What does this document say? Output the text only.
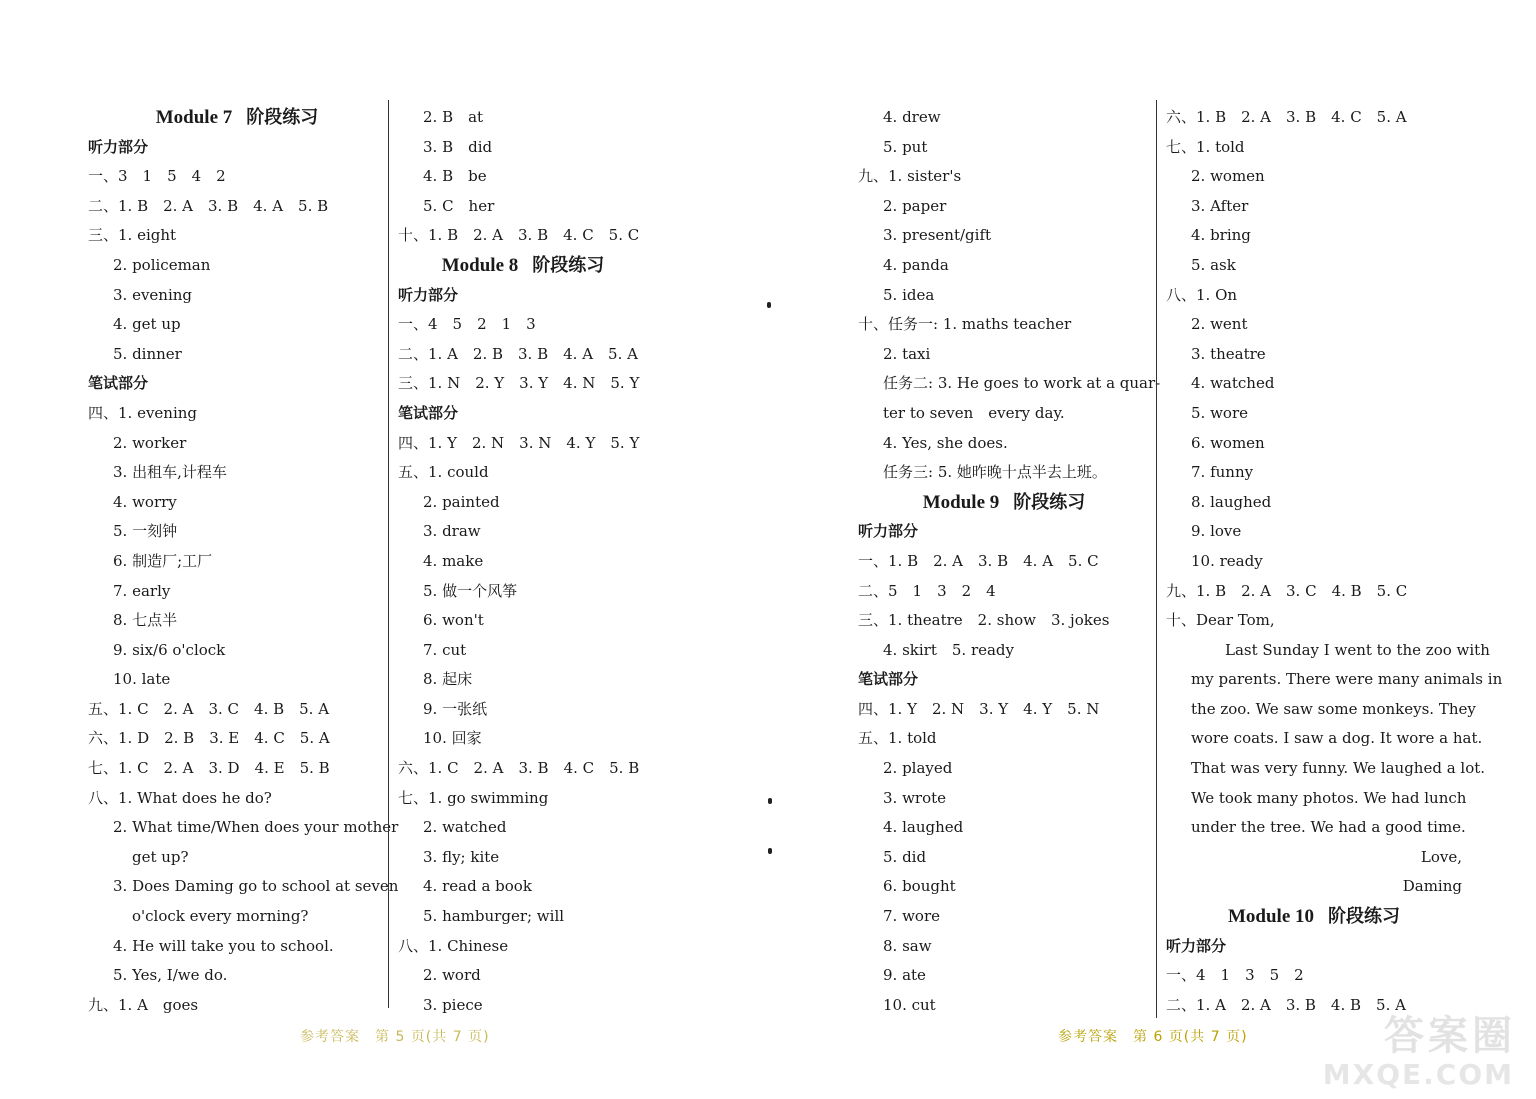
Module 7 阶段练习
听力部分
一、3　1　5　4　2
二、1. B　2. A　3. B　4. A　5. B
三、1. eight
2. policeman
3. evening
4. get up
5. dinner
笔试部分
四、1. evening
2. worker
3. 出租车,计程车
4. worry
5. 一刻钟
6. 制造厂;工厂
7. early
8. 七点半
9. six/6 o'clock
10. late
五、1. C　2. A　3. C　4. B　5. A
六、1. D　2. B　3. E　4. C　5. A
七、1. C　2. A　3. D　4. E　5. B
八、1. What does he do?
2. What time/When does your mother
get up?
3. Does Daming go to school at seven
o'clock every morning?
4. He will take you to school.
5. Yes, I/we do.
九、1. A　goes
2. B　at
3. B　did
4. B　be
5. C　her
十、1. B　2. A　3. B　4. C　5. C
Module 8 阶段练习
听力部分
一、4　5　2　1　3
二、1. A　2. B　3. B　4. A　5. A
三、1. N　2. Y　3. Y　4. N　5. Y
笔试部分
四、1. Y　2. N　3. N　4. Y　5. Y
五、1. could
2. painted
3. draw
4. make
5. 做一个风筝
6. won't
7. cut
8. 起床
9. 一张纸
10. 回家
六、1. C　2. A　3. B　4. C　5. B
七、1. go swimming
2. watched
3. fly; kite
4. read a book
5. hamburger; will
八、1. Chinese
2. word
3. piece
4. drew
5. put
九、1. sister's
2. paper
3. present/gift
4. panda
5. idea
十、任务一: 1. maths teacher
2. taxi
任务二: 3. He goes to work at a quar-
ter to seven　every day.
4. Yes, she does.
任务三: 5. 她昨晚十点半去上班。
Module 9 阶段练习
听力部分
一、1. B　2. A　3. B　4. A　5. C
二、5　1　3　2　4
三、1. theatre　2. show　3. jokes
4. skirt　5. ready
笔试部分
四、1. Y　2. N　3. Y　4. Y　5. N
五、1. told
2. played
3. wrote
4. laughed
5. did
6. bought
7. wore
8. saw
9. ate
10. cut
六、1. B　2. A　3. B　4. C　5. A
七、1. told
2. women
3. After
4. bring
5. ask
八、1. On
2. went
3. theatre
4. watched
5. wore
6. women
7. funny
8. laughed
9. love
10. ready
九、1. B　2. A　3. C　4. B　5. C
十、Dear Tom,
　Last Sunday I went to the zoo with
my parents. There were many animals in
the zoo. We saw some monkeys. They
wore coats. I saw a dog. It wore a hat.
That was very funny. We laughed a lot.
We took many photos. We had lunch
under the tree. We had a good time.
Love,
Daming
Module 10 阶段练习
听力部分
一、4　1　3　5　2
二、1. A　2. A　3. B　4. B　5. A
参考答案　第 5 页(共 7 页)	参考答案　第 6 页(共 7 页)	答案圈
MXQE.COM
